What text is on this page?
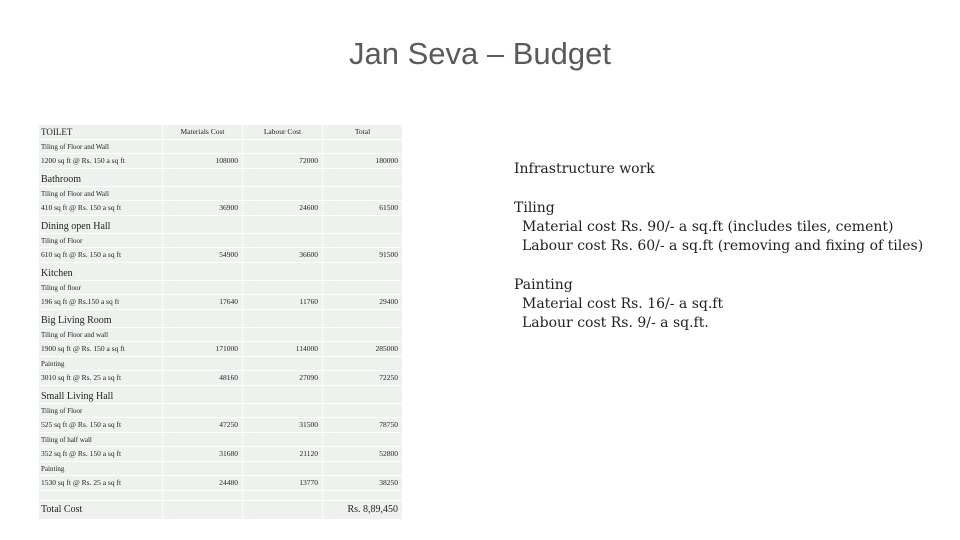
Jan Seva – Budget
TOILET	Materials Cost	Labour Cost	Total
Tiling of Floor and Wall			
1200 sq ft @ Rs. 150 a sq ft	108000	72000	180000
Bathroom			
Tiling of Floor and Wall			
410 sq ft @ Rs. 150 a sq ft	36900	24600	61500
Dining open Hall			
Tiling of Floor			
610 sq ft @ Rs. 150 a sq ft	54900	36600	91500
Kitchen			
Tiling of floor			
196 sq ft @ Rs.150 a sq ft	17640	11760	29400
Big Living Room			
Tiling of Floor and wall			
1900 sq ft @ Rs. 150 a sq ft	171000	114000	285000
Painting			
3010 sq ft @ Rs. 25 a sq ft	48160	27090	72250
Small Living Hall			
Tiling of Floor			
525 sq ft @ Rs. 150 a sq ft	47250	31500	78750
Tiling of half wall			
352 sq ft @ Rs. 150 a sq ft	31680	21120	52800
Painting			
1530 sq ft @ Rs. 25 a sq ft	24480	13770	38250

Total Cost			Rs. 8,89,450
Infrastructure work
Tiling
Material cost Rs. 90/- a sq.ft (includes tiles, cement)
Labour cost Rs. 60/- a sq.ft (removing and fixing of tiles)
Painting
Material cost Rs. 16/- a sq.ft
Labour cost Rs. 9/- a sq.ft.
